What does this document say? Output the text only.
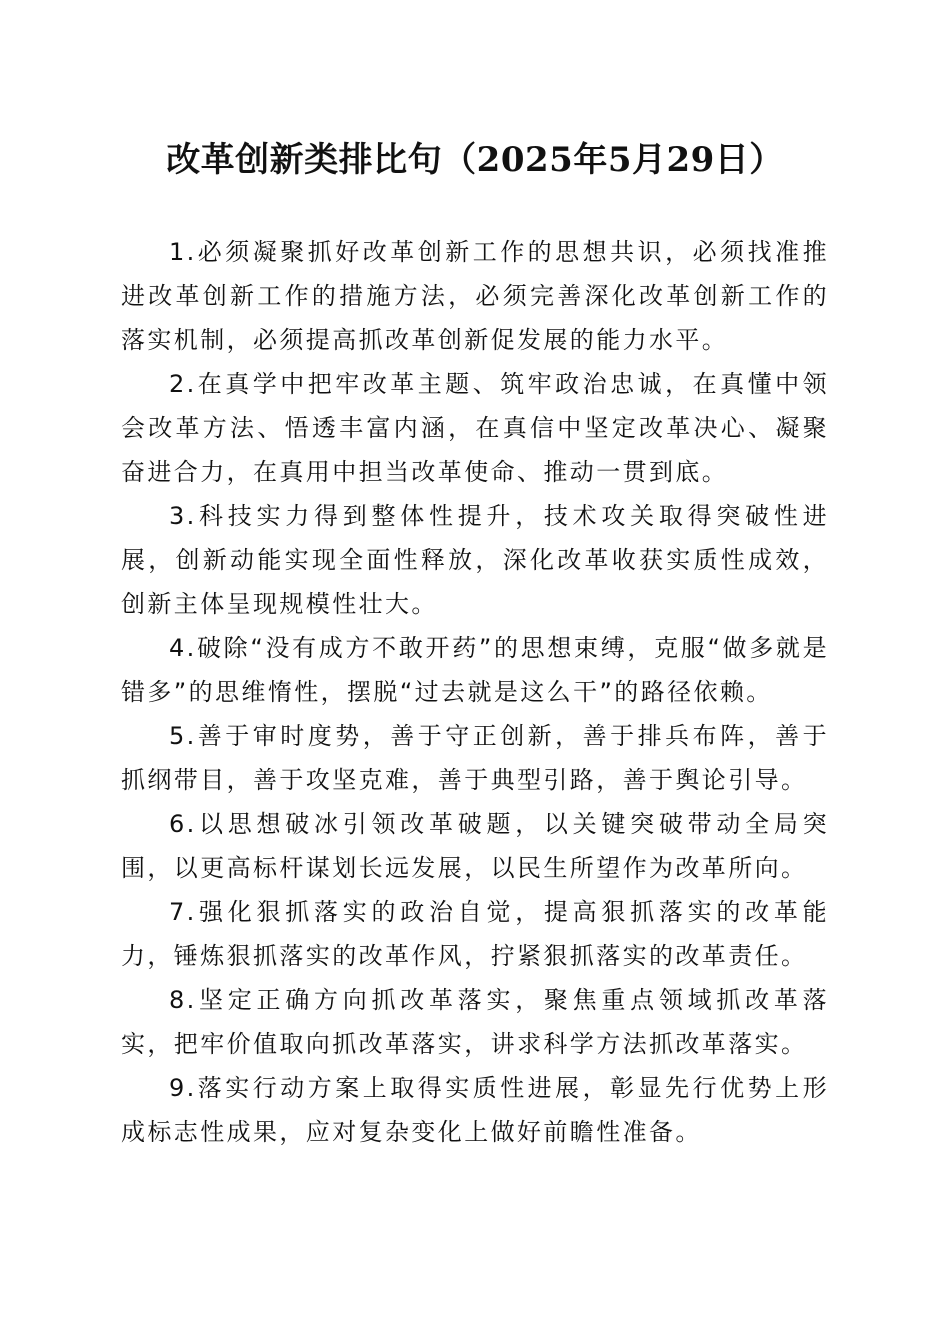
改革创新类排比句（2025年5月29日）

1.必须凝聚抓好改革创新工作的思想共识，必须找准推进改革创新工作的措施方法，必须完善深化改革创新工作的落实机制，必须提高抓改革创新促发展的能力水平。

2.在真学中把牢改革主题、筑牢政治忠诚，在真懂中领会改革方法、悟透丰富内涵，在真信中坚定改革决心、凝聚奋进合力，在真用中担当改革使命、推动一贯到底。

3.科技实力得到整体性提升，技术攻关取得突破性进展，创新动能实现全面性释放，深化改革收获实质性成效，创新主体呈现规模性壮大。

4.破除“没有成方不敢开药”的思想束缚，克服“做多就是错多”的思维惰性，摆脱“过去就是这么干”的路径依赖。

5.善于审时度势，善于守正创新，善于排兵布阵，善于抓纲带目，善于攻坚克难，善于典型引路，善于舆论引导。

6.以思想破冰引领改革破题，以关键突破带动全局突围，以更高标杆谋划长远发展，以民生所望作为改革所向。

7.强化狠抓落实的政治自觉，提高狠抓落实的改革能力，锤炼狠抓落实的改革作风，拧紧狠抓落实的改革责任。

8.坚定正确方向抓改革落实，聚焦重点领域抓改革落实，把牢价值取向抓改革落实，讲求科学方法抓改革落实。

9.落实行动方案上取得实质性进展，彰显先行优势上形成标志性成果，应对复杂变化上做好前瞻性准备。
